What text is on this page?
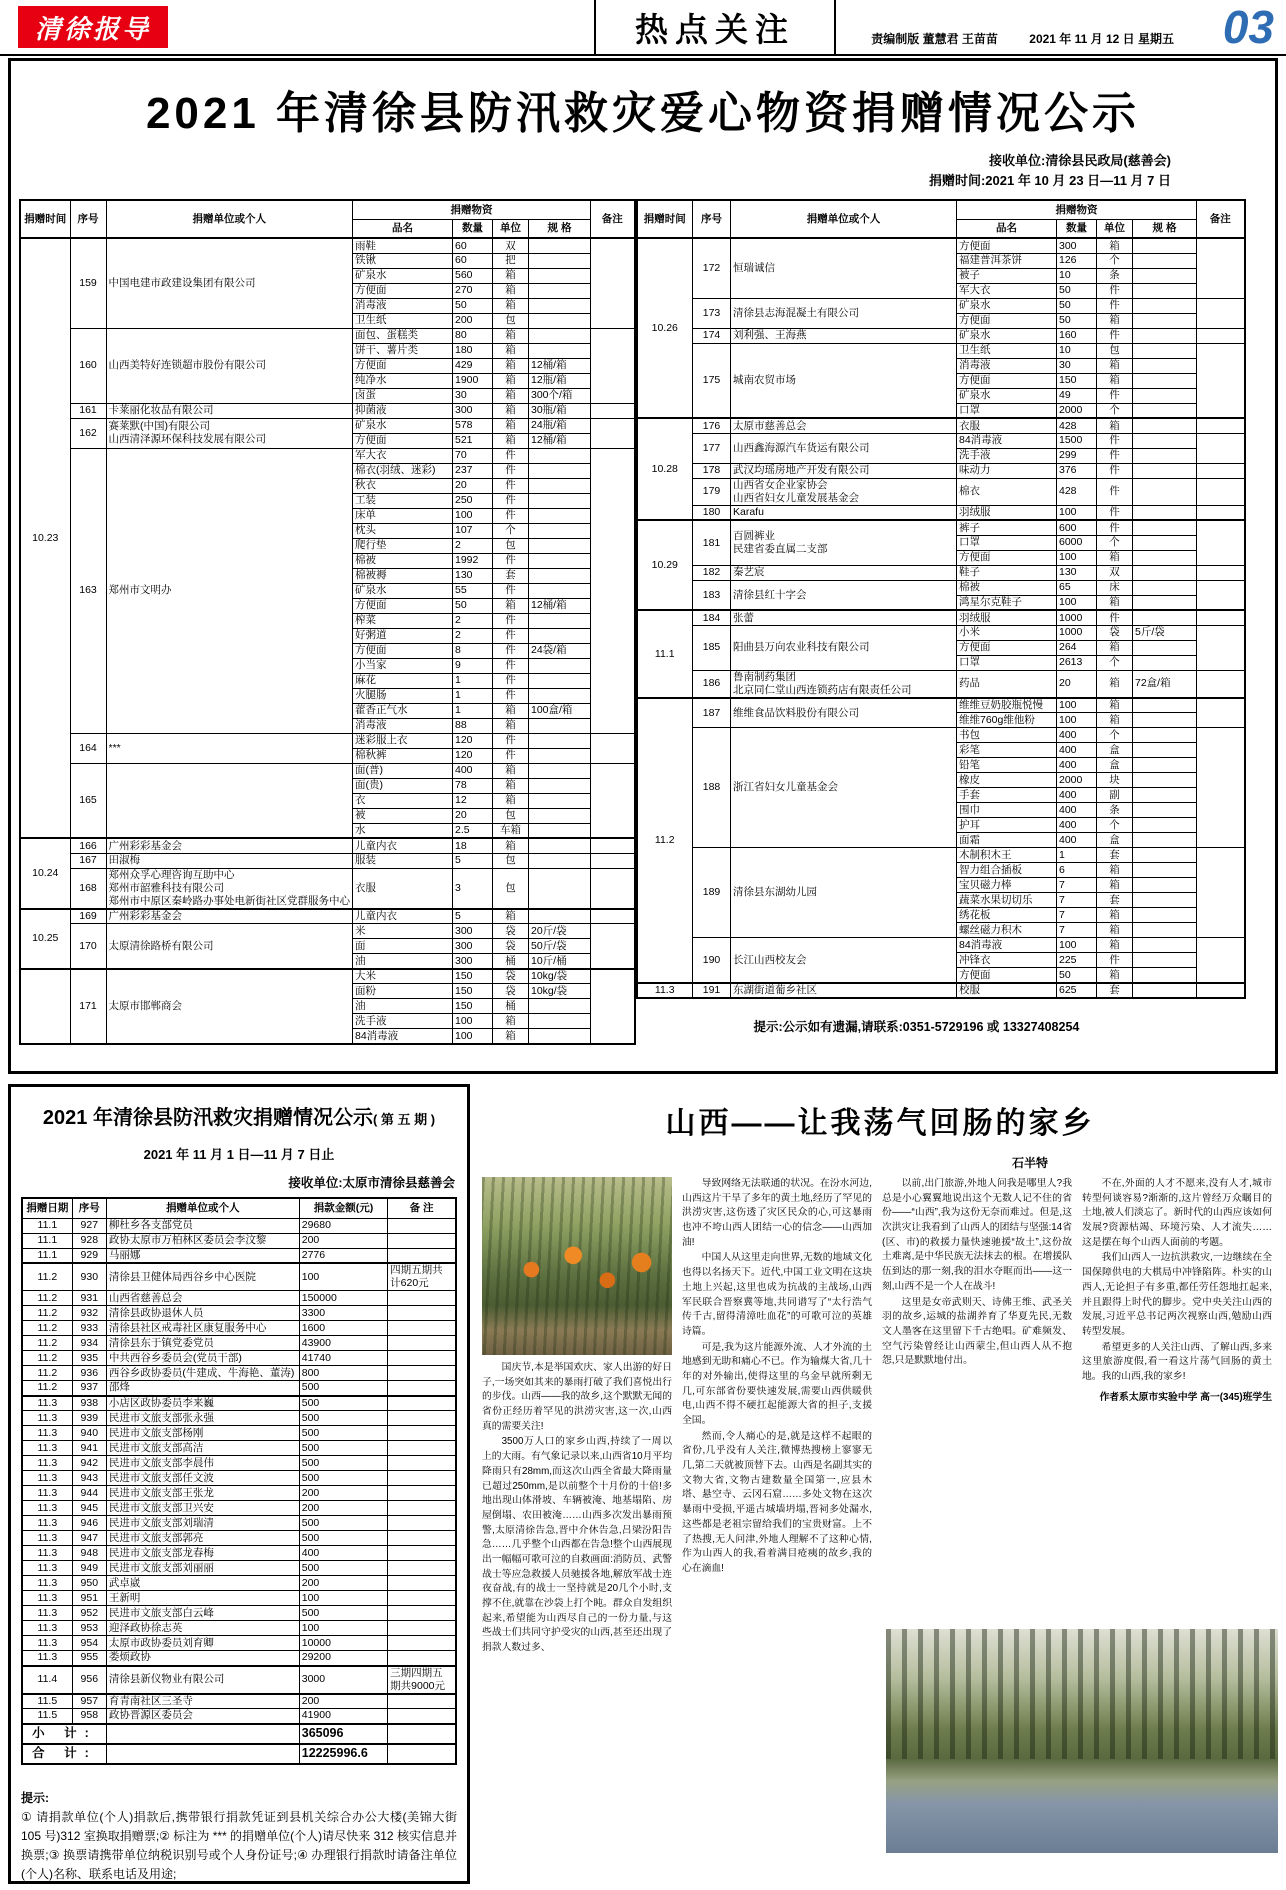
清徐报导	热点关注	责编制版 董慧君 王苗苗	2021 年 11 月 12 日 星期五 03
2021 年清徐县防汛救灾爱心物资捐赠情况公示
接收单位:清徐县民政局(慈善会)
捐赠时间:2021 年 10 月 23 日—11 月 7 日
捐赠时间	序号	捐赠单位或个人	捐赠物资				备注
			品名	数量	单位	规 格	
10.23	159	中国电建市政建设集团有限公司	雨鞋	60	双		
			铁锹	60	把		
			矿泉水	560	箱		
			方便面	270	箱		
			消毒液	50	箱		
			卫生纸	200	包		
	160	山西美特好连锁超市股份有限公司	面包、蛋糕类	80	箱		
			饼干、薯片类	180	箱		
			方便面	429	箱	12桶/箱	
			纯净水	1900	箱	12瓶/箱	
			卤蛋	30	箱	300个/箱	
	161	卡莱丽化妆品有限公司	抑菌液	300	箱	30瓶/箱	
	162	赛莱默(中国)有限公司
山西清泽源环保科技发展有限公司	矿泉水	578	箱	24瓶/箱	
			方便面	521	箱	12桶/箱	
	163	郑州市文明办	军大衣	70	件		
			棉衣(羽绒、迷彩)	237	件		
			秋衣	20	件		
			工装	250	件		
			床单	100	件		
			枕头	107	个		
			爬行垫	2	包		
			棉被	1992	件		
			棉被褥	130	套		
			矿泉水	55	件		
			方便面	50	箱	12桶/箱	
			榨菜	2	件		
			好粥道	2	件		
			方便面	8	件	24袋/箱	
			小当家	9	件		
			麻花	1	件		
			火腿肠	1	件		
			藿香正气水	1	箱	100盒/箱	
			消毒液	88	箱		
	164	***	迷彩服上衣	120	件		
			棉秋裤	120	件		
	165		面(普)	400	箱		
			面(贵)	78	箱		
			衣	12	箱		
			被	20	包		
			水	2.5	车箱		
10.24	166	广州彩彩基金会	儿童内衣	18	箱		
	167	田淑梅	服装	5	包		
	168	郑州众孚心理咨询互助中心
郑州市韶雅科技有限公司
郑州市中原区秦岭路办事处电新街社区党群服务中心	衣服	3	包		
10.25	169	广州彩彩基金会	儿童内衣	5	箱		
	170	太原清徐路桥有限公司	米	300	袋	20斤/袋	
			面	300	袋	50斤/袋	
			油	300	桶	10斤/桶	
	171	太原市邯郸商会	大米	150	袋	10kg/袋	
			面粉	150	袋	10kg/袋	
			油	150	桶		
			洗手液	100	箱		
			84消毒液	100	箱		
捐赠时间	序号	捐赠单位或个人	捐赠物资				备注
			品名	数量	单位	规 格	
10.26	172	恒瑞诚信	方便面	300	箱		
			福建普洱茶饼	126	个		
			被子	10	条		
			军大衣	50	件		
	173	清徐县志海混凝土有限公司	矿泉水	50	件		
			方便面	50	箱		
	174	刘利强、王海燕	矿泉水	160	件		
	175	城南农贸市场	卫生纸	10	包		
			消毒液	30	箱		
			方便面	150	箱		
			矿泉水	49	件		
			口罩	2000	个		
10.28	176	太原市慈善总会	衣服	428	箱		
	177	山西鑫海源汽车货运有限公司	84消毒液	1500	件		
			洗手液	299	件		
	178	武汉均瑶房地产开发有限公司	味动力	376	件		
	179	山西省女企业家协会
山西省妇女儿童发展基金会	棉衣	428	件		
	180	Karafu	羽绒服	100	件		
10.29	181	百圆裤业
民建省委直属二支部	裤子	600	件		
			口罩	6000	个		
			方便面	100	箱		
	182	秦艺宸	鞋子	130	双		
	183	清徐县红十字会	棉被	65	床		
			鸿星尔克鞋子	100	箱		
11.1	184	张蕾	羽绒服	1000	件		
	185	阳曲县万向农业科技有限公司	小米	1000	袋	5斤/袋	
			方便面	264	箱		
			口罩	2613	个		
	186	鲁南制药集团
北京同仁堂山西连锁药店有限责任公司	药品	20	箱	72盒/箱	
11.2	187	维维食品饮料股份有限公司	维维豆奶胶瓶悦慢	100	箱		
			维维760g维他粉	100	箱		
	188	浙江省妇女儿童基金会	书包	400	个		
			彩笔	400	盒		
			铅笔	400	盒		
			橡皮	2000	块		
			手套	400	副		
			围巾	400	条		
			护耳	400	个		
			面霜	400	盒		
	189	清徐县东湖幼儿园	木制积木王	1	套		
			智力组合插板	6	箱		
			宝贝磁力棒	7	箱		
			蔬菜水果切切乐	7	套		
			绣花板	7	箱		
			螺丝磁力积木	7	箱		
	190	长江山西校友会	84消毒液	100	箱		
			冲锋衣	225	件		
			方便面	50	箱		
11.3	191	东湖街道葡乡社区	校服	625	套		
提示:公示如有遗漏,请联系:0351-5729196 或 13327408254
2021 年清徐县防汛救灾捐赠情况公示( 第 五 期 )
2021 年 11 月 1 日—11 月 7 日止
接收单位:太原市清徐县慈善会
捐赠日期	序号	捐赠单位或个人	捐款金额(元)	备 注
11.1	927	柳杜乡各支部党员	29680	
11.1	928	政协太原市万柏林区委员会李汶黎	200	
11.1	929	马丽娜	2776	
11.2	930	清徐县卫健体局西谷乡中心医院	100	四期五期共计620元
11.2	931	山西省慈善总会	150000	
11.2	932	清徐县政协退休人员	3300	
11.2	933	清徐县社区戒毒社区康复服务中心	1600	
11.2	934	清徐县东于镇党委党员	43900	
11.2	935	中共西谷乡委员会(党员干部)	41740	
11.2	936	西谷乡政协委员(牛建成、牛海艳、董涛)	800	
11.2	937	邵烽	500	
11.3	938	小店区政协委员李来巍	500	
11.3	939	民进市文旅支部张永强	500	
11.3	940	民进市文旅支部杨刚	500	
11.3	941	民进市文旅支部高洁	500	
11.3	942	民进市文旅支部李晨伟	500	
11.3	943	民进市文旅支部任文波	500	
11.3	944	民进市文旅支部王张龙	200	
11.3	945	民进市文旅支部卫兴安	200	
11.3	946	民进市文旅支部刘瑞清	500	
11.3	947	民进市文旅支部郭亮	500	
11.3	948	民进市文旅支部龙春梅	400	
11.3	949	民进市文旅支部刘丽丽	500	
11.3	950	武卓崴	200	
11.3	951	王新明	100	
11.3	952	民进市文旅支部白云峰	500	
11.3	953	迎泽政协徐志英	100	
11.3	954	太原市政协委员刘育卿	10000	
11.3	955	娄烦政协	29200	
11.4	956	清徐县新仪物业有限公司	3000	三期四期五期共9000元
11.5	957	育青南社区三圣寺	200	
11.5	958	政协晋源区委员会	41900	
小 计:			365096	
合 计:			12225996.6	
提示:
① 请捐款单位(个人)捐款后,携带银行捐款凭证到县机关综合办公大楼(美锦大街 105 号)312 室换取捐赠票;② 标注为 *** 的捐赠单位(个人)请尽快来 312 核实信息并换票;③ 换票请携带单位纳税识别号或个人身份证号;④ 办理银行捐款时请备注单位(个人)名称、联系电话及用途;
山西——让我荡气回肠的家乡
石半特

国庆节,本是举国欢庆、家人出游的好日子,一场突如其来的暴雨打破了我们喜悦出行的步伐。山西——我的故乡,这个默默无闻的省份正经历着罕见的洪涝灾害,这一次,山西真的需要关注!

3500万人口的家乡山西,持续了一周以上的大雨。有气象记录以来,山西省10月平均降雨只有28mm,而这次山西全省最大降雨量已超过250mm,是以前整个十月份的十倍!多地出现山体滑坡、车辆被淹、地基塌陷、房屋倒塌、农田被淹……山西多次发出暴雨预警,太原清徐告急,晋中介休告急,吕梁汾阳告急……几乎整个山西都在告急!整个山西展现出一幅幅可歌可泣的自救画面:消防员、武警战士等应急救援人员驰援各地,解放军战士连夜奋战,有的战士一坚持就是20几个小时,支撑不住,就靠在沙袋上打个盹。群众自发组织起来,希望能为山西尽自己的一份力量,与这些战士们共同守护受灾的山西,甚至还出现了捐款人数过多、

导致网络无法联通的状况。在汾水河边,山西这片干旱了多年的黄土地,经历了罕见的洪涝灾害,这伤透了灾区民众的心,可这暴雨也冲不垮山西人团结一心的信念——山西加油!

中国人从这里走向世界,无数的地域文化也得以名扬天下。近代,中国工业文明在这块土地上兴起,这里也成为抗战的主战场,山西军民联合晋察冀等地,共同谱写了“太行浩气传千古,留得清漳吐血花”的可歌可泣的英雄诗篇。

可是,我为这片能源外流、人才外流的土地感到无助和痛心不已。作为输煤大省,几十年的对外输出,使得这里的乌金早就所剩无几,可东部省份要快速发展,需要山西供暖供电,山西不得不硬扛起能源大省的担子,支援全国。

然而,令人痛心的是,就是这样不起眼的省份,几乎没有人关注,微博热搜榜上寥寥无几,第二天就被顶替下去。山西是名副其实的文物大省,文物古建数量全国第一,应县木塔、悬空寺、云冈石窟……多处文物在这次暴雨中受损,平遥古城墙坍塌,晋祠多处漏水,这些都是老祖宗留给我们的宝贵财富。上不了热搜,无人问津,外地人理解不了这种心情,作为山西人的我,看着满目疮痍的故乡,我的心在滴血!

以前,出门旅游,外地人问我是哪里人?我总是小心翼翼地说出这个无数人记不住的省份——“山西”,我为这份无奈而难过。但是,这次洪灾让我看到了山西人的团结与坚强:14省(区、市)的救援力量快速驰援“故土”,这份故土难离,是中华民族无法抹去的根。在增援队伍到达的那一刻,我的泪水夺眶而出——这一刻,山西不是一个人在战斗!

这里是女帝武则天、诗佛王维、武圣关羽的故乡,运城的盐湖养育了华夏先民,无数文人墨客在这里留下千古绝唱。矿难频发、空气污染曾经让山西蒙尘,但山西人从不抱怨,只是默默地付出。

不在,外面的人才不愿来,没有人才,城市转型何谈容易?渐渐的,这片曾经万众瞩目的土地,被人们淡忘了。新时代的山西应该如何发展?资源枯竭、环境污染、人才流失……这是摆在每个山西人面前的考题。

我们山西人一边抗洪救灾,一边继续在全国保障供电的大棋局中冲锋陷阵。朴实的山西人,无论担子有多重,都任劳任怨地扛起来,并且跟得上时代的脚步。党中央关注山西的发展,习近平总书记两次视察山西,勉励山西转型发展。

希望更多的人关注山西、了解山西,多来这里旅游度假,看一看这片荡气回肠的黄土地。我的山西,我的家乡!

作者系太原市实验中学 高一(345)班学生
